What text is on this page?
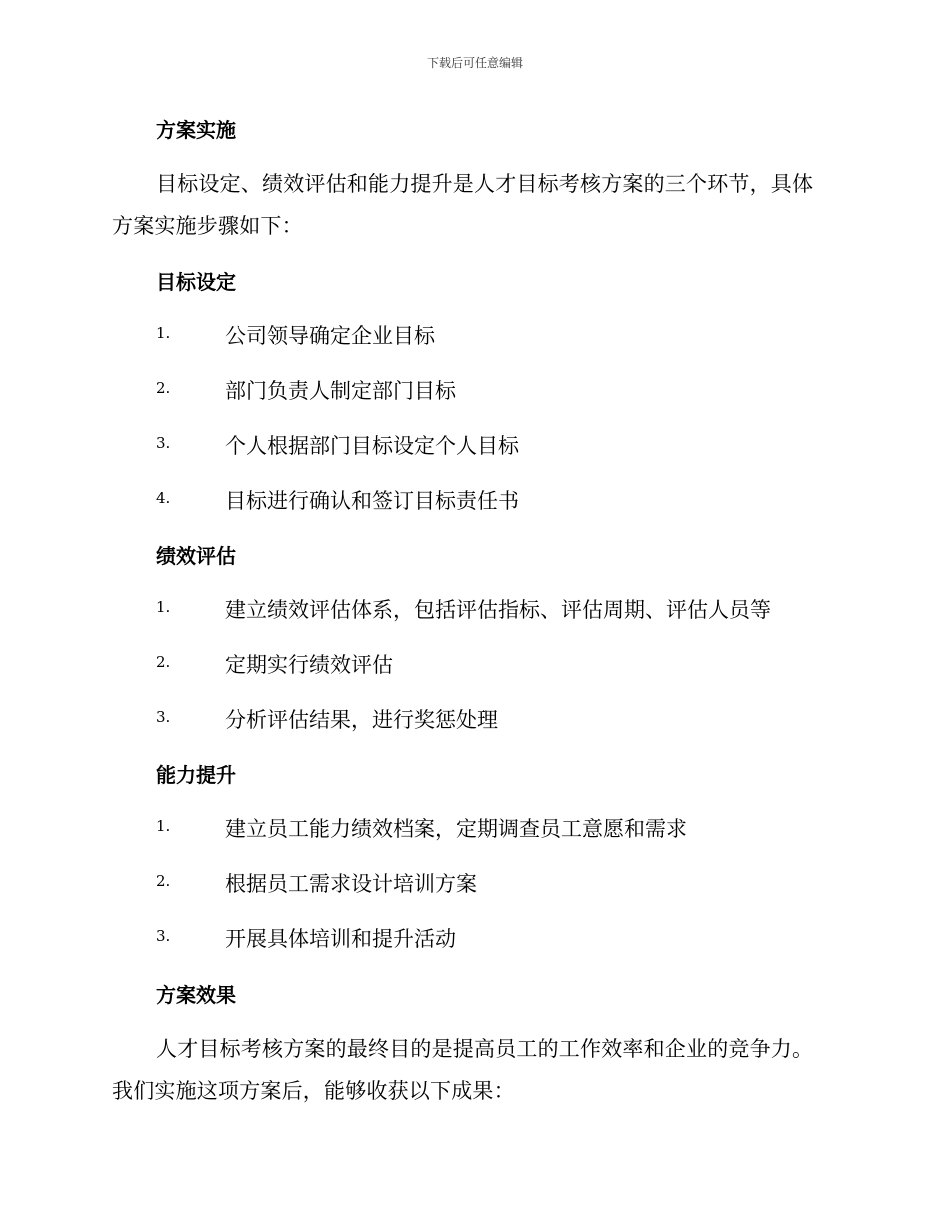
下载后可任意编辑
方案实施
目标设定、绩效评估和能力提升是人才目标考核方案的三个环节，具体
方案实施步骤如下：
目标设定
1.	公司领导确定企业目标
2.	部门负责人制定部门目标
3.	个人根据部门目标设定个人目标
4.	目标进行确认和签订目标责任书
绩效评估
1.	建立绩效评估体系，包括评估指标、评估周期、评估人员等
2.	定期实行绩效评估
3.	分析评估结果，进行奖惩处理
能力提升
1.	建立员工能力绩效档案，定期调查员工意愿和需求
2.	根据员工需求设计培训方案
3.	开展具体培训和提升活动
方案效果
人才目标考核方案的最终目的是提高员工的工作效率和企业的竞争力。
我们实施这项方案后，能够收获以下成果：
